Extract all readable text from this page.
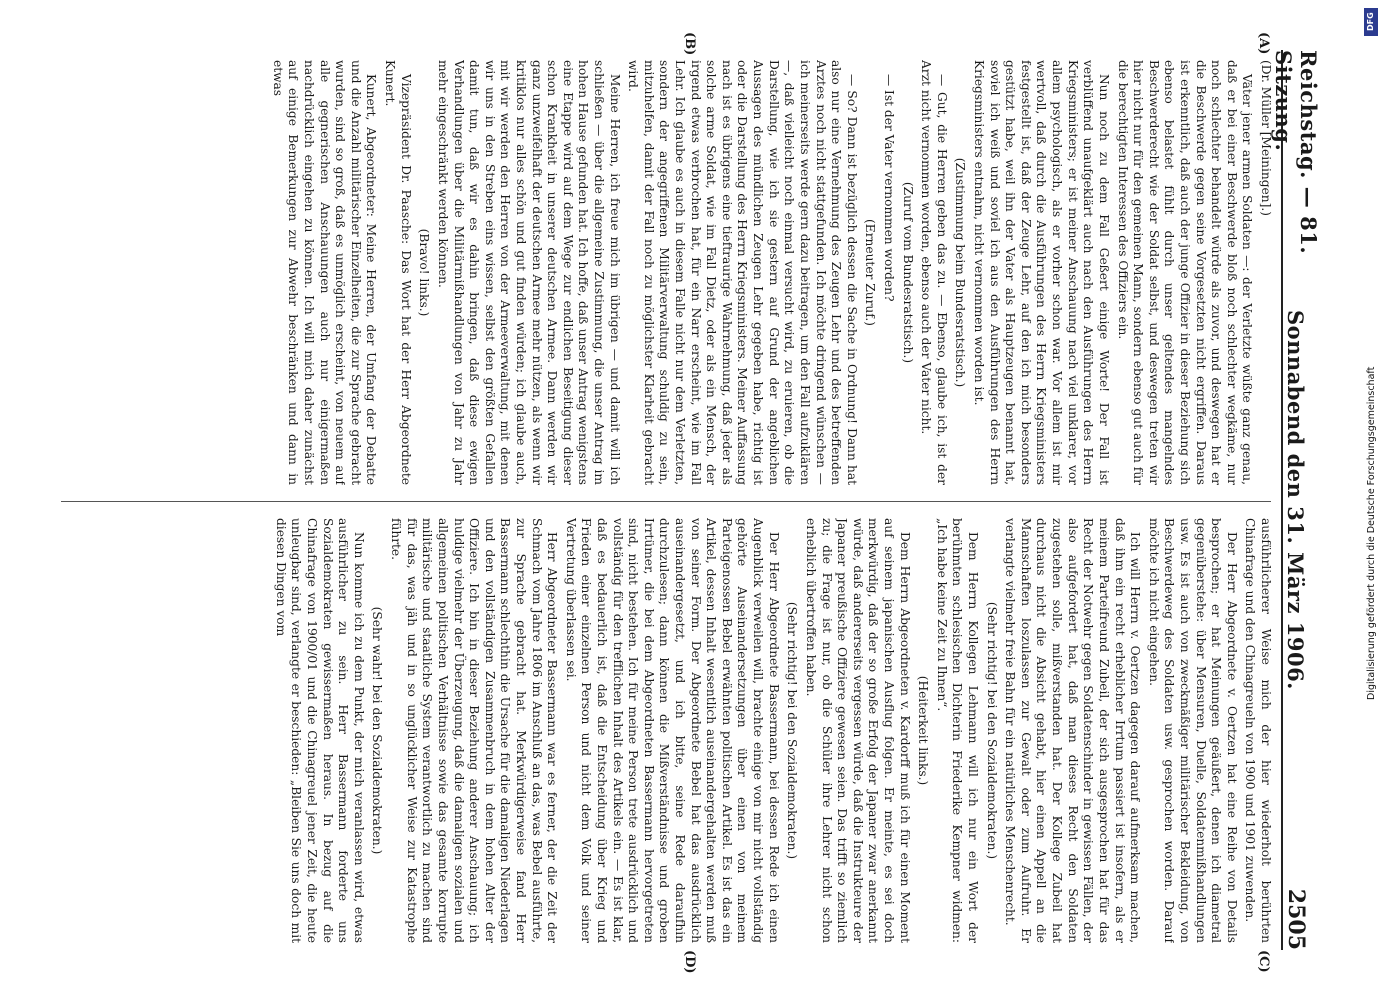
Reichstag. — 81. Sitzung.
Sonnabend den 31. März 1906.
2505
(A)
(B)
(C)
(D)

(Dr. Müller [Meiningen].)

Väter jener armen Soldaten —: der Verletzte wüßte ganz genau, daß er bei einer Beschwerde bloß noch schlechter wegkäme, nur noch schlechter behandelt würde als zuvor, und deswegen hat er die Beschwerde gegen seine Vorgesetzten nicht ergriffen. Daraus ist erkenntlich, daß auch der junge Offizier in dieser Beziehung sich ebenso belastet fühlt durch unser geltendes mangelndes Beschwerderecht wie der Soldat selbst, und deswegen treten wir hier nicht nur für den gemeinen Mann, sondern ebenso gut auch für die berechtigten Interessen des Offiziers ein.

Nun noch zu dem Fall Geßert einige Worte! Der Fall ist verblüffend unaufgeklärt auch nach den Ausführungen des Herrn Kriegsministers; er ist meiner Anschauung nach viel unklarer, vor allem psychologisch, als er vorher schon war. Vor allem ist mir wertvoll, daß durch die Ausführungen des Herrn Kriegsministers festgestellt ist, daß der Zeuge Lehr, auf den ich mich besonders gestützt habe, weil ihn der Vater als Hauptzeugen benannt hat, soviel ich weiß und soviel ich aus den Ausführungen des Herrn Kriegsministers entnahm, nicht vernommen worden ist.

(Zustimmung beim Bundesratstisch.)

— Gut, die Herren geben das zu. — Ebenso, glaube ich, ist der Arzt nicht vernommen worden, ebenso auch der Vater nicht.

(Zuruf vom Bundesratstisch.)

— Ist der Vater vernommen worden?

(Erneuter Zuruf.)

— So? Dann ist bezüglich dessen die Sache in Ordnung! Dann hat also nur eine Vernehmung des Zeugen Lehr und des betreffenden Arztes noch nicht stattgefunden. Ich möchte dringend wünschen — ich meinerseits werde gern dazu beitragen, um den Fall aufzuklären —, daß vielleicht noch einmal versucht wird, zu eruieren, ob die Darstellung, wie ich sie gestern auf Grund der angeblichen Aussagen des mündlichen Zeugen Lehr gegeben habe, richtig ist oder die Darstellung des Herrn Kriegsministers. Meiner Auffassung nach ist es übrigens eine tieftraurige Wahrnehmung, daß jeder als solche arme Soldat, wie im Fall Dietz, oder als ein Mensch, der irgend etwas verbrochen hat, für ein Narr erscheint, wie im Fall Lehr. Ich glaube es auch in diesem Falle nicht nur dem Verletzten, sondern der angegriffenen Militärverwaltung schuldig zu sein, mitzuhelfen, damit der Fall noch zu möglichster Klarheit gebracht wird.

Meine Herren, ich freue mich im übrigen — und damit will ich schließen — über die allgemeine Zustimmung, die unser Antrag im hohen Hause gefunden hat. Ich hoffe, daß unser Antrag wenigstens eine Etappe wird auf dem Wege zur endlichen Beseitigung dieser schon Krankheit in unserer deutschen Armee. Dann werden wir ganz unzweifelhaft der deutschen Armee mehr nützen, als wenn wir kritiklos nur alles schön und gut finden würden; ich glaube auch, mit wir werden den Herren von der Armeeverwaltung, mit denen wir uns in den Streben eins wissen, selbst den größten Gefallen damit tun, daß wir es dahin bringen, daß diese ewigen Verhandlungen über die Militärmißhandlungen von Jahr zu Jahr mehr eingeschränkt werden können.

(Bravo! links.)

Vizepräsident Dr. Paasche: Das Wort hat der Herr Abgeordnete Kunert.

Kunert, Abgeordneter: Meine Herren, der Umfang der Debatte und die Anzahl militärischer Einzelheiten, die zur Sprache gebracht wurden, sind so groß, daß es unmöglich erscheint, von neuem auf alle gegnerischen Anschauungen auch nur einigermaßen nachdrücklich eingehen zu können. Ich will mich daher zunächst auf einige Bemerkungen zur Abwehr beschränken und dann in etwas

ausführlicherer Weise mich der hier wiederholt berührten Chinafrage und den Chinagreueln von 1900 und 1901 zuwenden.

Der Herr Abgeordnete v. Oertzen hat eine Reihe von Details besprochen; er hat Meinungen geäußert, denen ich diametral gegenüberstehe: über Mensuren, Duelle, Soldatenmißhandlungen usw. Es ist auch von zweckmäßiger militärischer Bekleidung, von Beschwerdeweg des Soldaten usw. gesprochen worden. Darauf möchte ich nicht eingehen.

Ich will Herrn v. Oertzen dagegen darauf aufmerksam machen, daß ihm ein recht erheblicher Irrtum passiert ist insofern, als er meinem Parteifreund Zubeil, der sich ausgesprochen hat für das Recht der Notwehr gegen Soldatenschinder in gewissen Fällen, der also aufgefordert hat, daß man dieses Recht den Soldaten zugestehen solle, mißverstanden hat. Der Kollege Zubeil hat durchaus nicht die Absicht gehabt, hier einen Appell an die Mannschaften loszulassen zur Gewalt oder zum Aufruhr. Er verlangte vielmehr freie Bahn für ein natürliches Menschenrecht.

(Sehr richtig! bei den Sozialdemokraten.)

Dem Herrn Kollegen Lehmann will ich nur ein Wort der berühmten schlesischen Dichterin Friederike Kempner widmen: „Ich habe keine Zeit zu Ihnen“.

(Heiterkeit links.)

Dem Herrn Abgeordneten v. Kardorff muß ich für einen Moment auf seinem japanischen Ausflug folgen. Er meinte, es sei doch merkwürdig, daß der so große Erfolg der Japaner zwar anerkannt würde, daß andererseits vergessen würde, daß die Instrukteure der Japaner preußische Offiziere gewesen seien. Das trifft so ziemlich zu; die Frage ist nur, ob die Schüler ihre Lehrer nicht schon erheblich übertroffen haben.

(Sehr richtig! bei den Sozialdemokraten.)

Der Herr Abgeordnete Bassermann, bei dessen Rede ich einen Augenblick verweilen will, brachte einige von mir nicht vollständig gehörte Auseinandersetzungen über einen von meinem Parteigenossen Bebel erwähnten politischen Artikel. Es ist das ein Artikel, dessen Inhalt wesentlich auseinandergehalten werden muß von seiner Form. Der Abgeordnete Bebel hat das ausdrücklich auseinandergesetzt, und ich bitte, seine Rede daraufhin durchzulesen; dann können die Mißverständnisse und groben Irrtümer, die bei dem Abgeordneten Bassermann hervorgetreten sind, nicht bestehen. Ich für meine Person trete ausdrücklich und vollständig für den trefflichen Inhalt des Artikels ein. — Es ist klar, daß es bedauerlich ist, daß die Entscheidung über Krieg und Frieden einer einzelnen Person und nicht dem Volk und seiner Vertretung überlassen sei.

Herr Abgeordneter Bassermann war es ferner, der die Zeit der Schmach vom Jahre 1806 im Anschluß an das, was Bebel ausführte, zur Sprache gebracht hat. Merkwürdigerweise fand Herr Bassermann schlechthin die Ursache für die damaligen Niederlagen und den vollständigen Zusammenbruch in dem hohen Alter der Offiziere. Ich bin in dieser Beziehung anderer Anschauung; ich huldige vielmehr der Überzeugung, daß die damaligen sozialen und allgemeinen politischen Verhältnisse sowie das gesamte korrupte militärische und staatliche System verantwortlich zu machen sind für das, was jäh und in so unglücklicher Weise zur Katastrophe führte.

(Sehr wahr! bei den Sozialdemokraten.)

Nun komme ich zu dem Punkt, der mich veranlassen wird, etwas ausführlicher zu sein. Herr Bassermann forderte uns Sozialdemokraten gewissermaßen heraus. In bezug auf die Chinafrage von 1900/01 und die Chinagreuel jener Zeit, die heute unleugbar sind, verlangte er beschieden: „Bleiben Sie uns doch mit diesen Dingen vom

DFG
Digitalisierung gefördert durch die Deutsche Forschungsgemeinschaft
